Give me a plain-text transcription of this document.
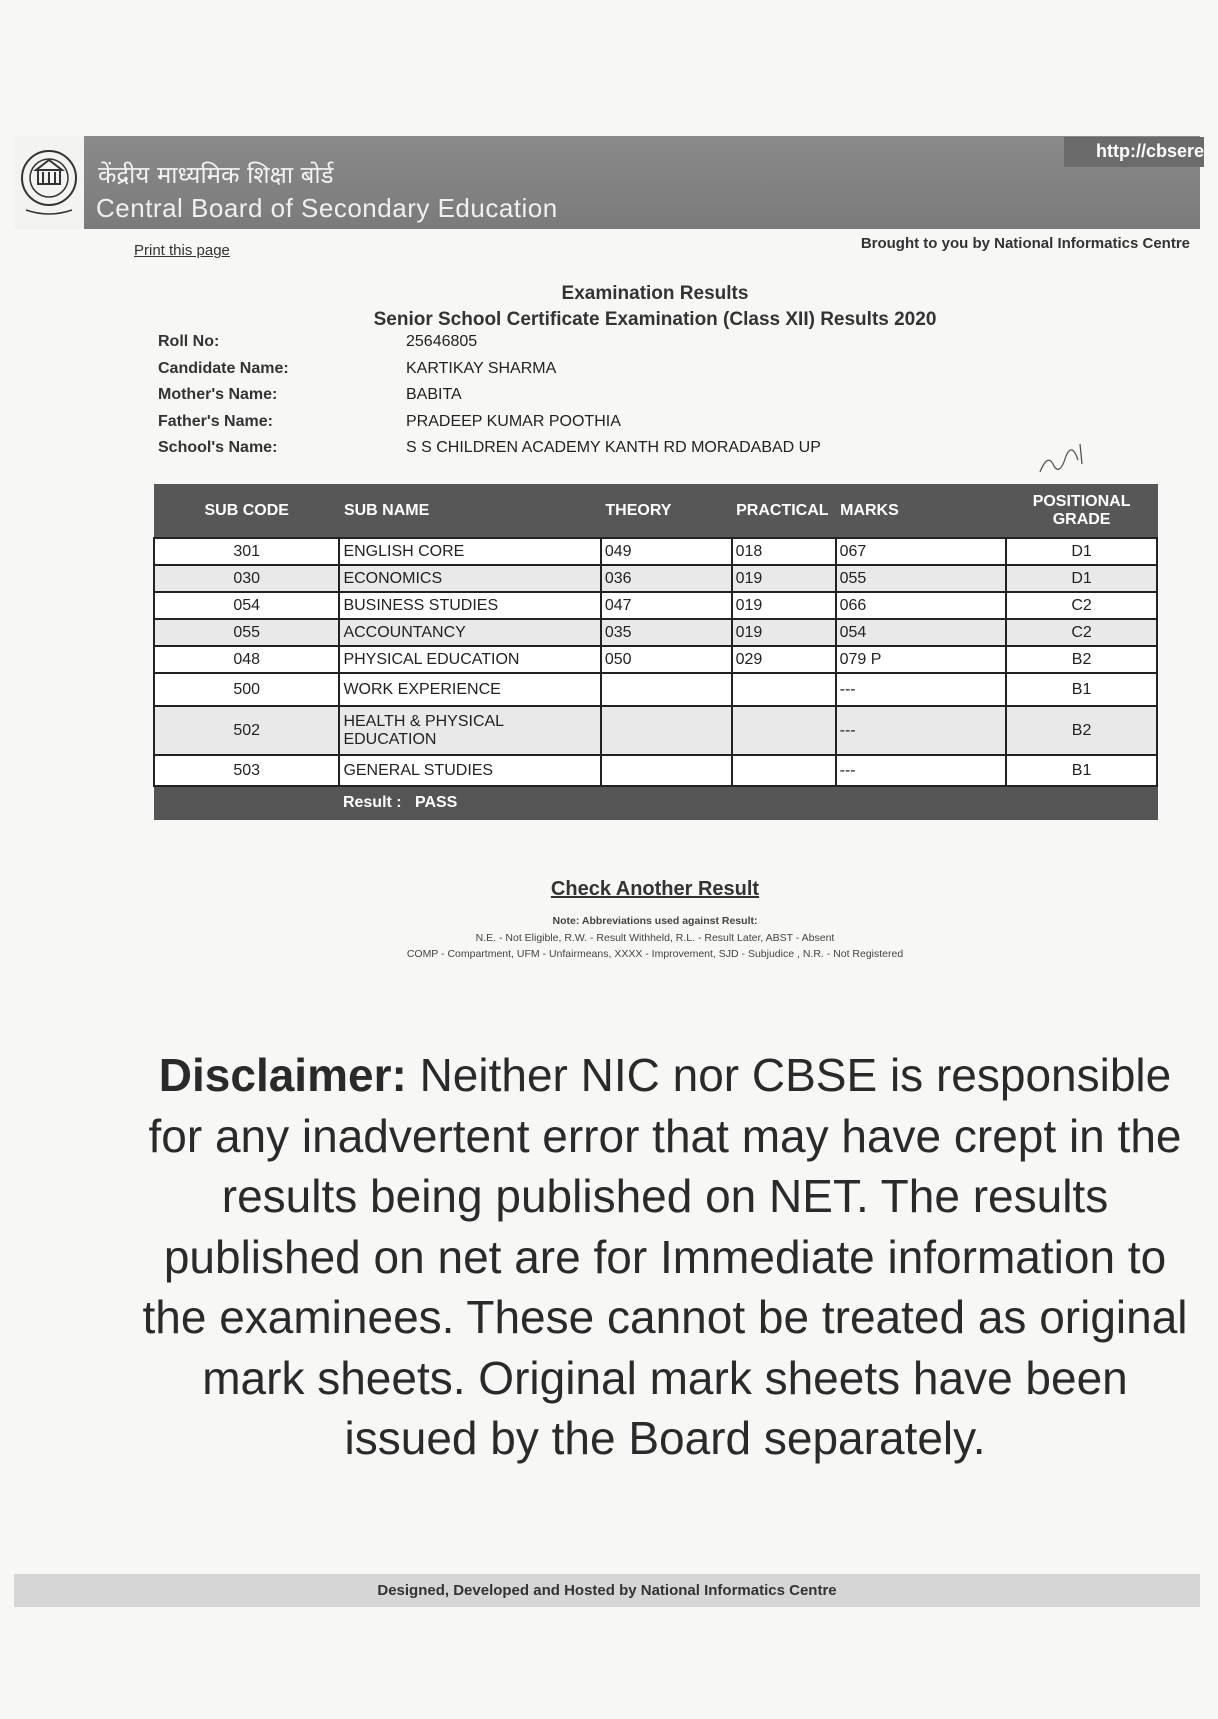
केंद्रीय माध्यमिक शिक्षा बोर्ड
Central Board of Secondary Education
http://cbsere
Print this page	Brought to you by National Informatics Centre
Examination Results
Senior School Certificate Examination (Class XII) Results 2020
Roll No:	25646805
Candidate Name:	KARTIKAY SHARMA
Mother's Name:	BABITA
Father's Name:	PRADEEP KUMAR POOTHIA
School's Name:	S S CHILDREN ACADEMY KANTH RD MORADABAD UP
SUB CODE	SUB NAME	THEORY	PRACTICAL	MARKS	POSITIONAL GRADE
301	ENGLISH CORE	049	018	067	D1
030	ECONOMICS	036	019	055	D1
054	BUSINESS STUDIES	047	019	066	C2
055	ACCOUNTANCY	035	019	054	C2
048	PHYSICAL EDUCATION	050	029	079 P	B2
500	WORK EXPERIENCE			---	B1
502	HEALTH & PHYSICAL EDUCATION			---	B2
503	GENERAL STUDIES			---	B1
	Result : PASS				
Check Another Result
Note: Abbreviations used against Result:
N.E. - Not Eligible, R.W. - Result Withheld, R.L. - Result Later, ABST - Absent
COMP - Compartment, UFM - Unfairmeans, XXXX - Improvement, SJD - Subjudice , N.R. - Not Registered
Disclaimer: Neither NIC nor CBSE is responsible for any inadvertent error that may have crept in the results being published on NET. The results published on net are for Immediate information to the examinees. These cannot be treated as original mark sheets. Original mark sheets have been issued by the Board separately.
Designed, Developed and Hosted by National Informatics Centre
